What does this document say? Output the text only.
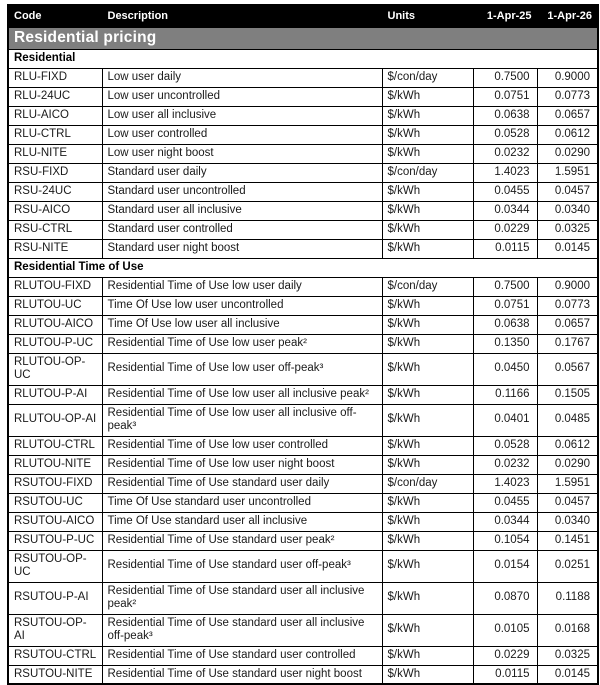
Code	Description	Units	1-Apr-25	1-Apr-26
Residential pricing				
Residential				
RLU-FIXD	Low user daily	$/con/day	0.7500	0.9000
RLU-24UC	Low user uncontrolled	$/kWh	0.0751	0.0773
RLU-AICO	Low user all inclusive	$/kWh	0.0638	0.0657
RLU-CTRL	Low user controlled	$/kWh	0.0528	0.0612
RLU-NITE	Low user night boost	$/kWh	0.0232	0.0290
RSU-FIXD	Standard user daily	$/con/day	1.4023	1.5951
RSU-24UC	Standard user uncontrolled	$/kWh	0.0455	0.0457
RSU-AICO	Standard user all inclusive	$/kWh	0.0344	0.0340
RSU-CTRL	Standard user controlled	$/kWh	0.0229	0.0325
RSU-NITE	Standard user night boost	$/kWh	0.0115	0.0145
Residential Time of Use				
RLUTOU-FIXD	Residential Time of Use low user daily	$/con/day	0.7500	0.9000
RLUTOU-UC	Time Of Use low user uncontrolled	$/kWh	0.0751	0.0773
RLUTOU-AICO	Time Of Use low user all inclusive	$/kWh	0.0638	0.0657
RLUTOU-P-UC	Residential Time of Use low user peak²	$/kWh	0.1350	0.1767
RLUTOU-OP-UC	Residential Time of Use low user off-peak³	$/kWh	0.0450	0.0567
RLUTOU-P-AI	Residential Time of Use low user all inclusive peak²	$/kWh	0.1166	0.1505
RLUTOU-OP-AI	Residential Time of Use low user all inclusive off-peak³	$/kWh	0.0401	0.0485
RLUTOU-CTRL	Residential Time of Use low user controlled	$/kWh	0.0528	0.0612
RLUTOU-NITE	Residential Time of Use low user night boost	$/kWh	0.0232	0.0290
RSUTOU-FIXD	Residential Time of Use standard user daily	$/con/day	1.4023	1.5951
RSUTOU-UC	Time Of Use standard user uncontrolled	$/kWh	0.0455	0.0457
RSUTOU-AICO	Time Of Use standard user all inclusive	$/kWh	0.0344	0.0340
RSUTOU-P-UC	Residential Time of Use standard user peak²	$/kWh	0.1054	0.1451
RSUTOU-OP-UC	Residential Time of Use standard user off-peak³	$/kWh	0.0154	0.0251
RSUTOU-P-AI	Residential Time of Use standard user all inclusive peak²	$/kWh	0.0870	0.1188
RSUTOU-OP-AI	Residential Time of Use standard user all inclusive off-peak³	$/kWh	0.0105	0.0168
RSUTOU-CTRL	Residential Time of Use standard user controlled	$/kWh	0.0229	0.0325
RSUTOU-NITE	Residential Time of Use standard user night boost	$/kWh	0.0115	0.0145
